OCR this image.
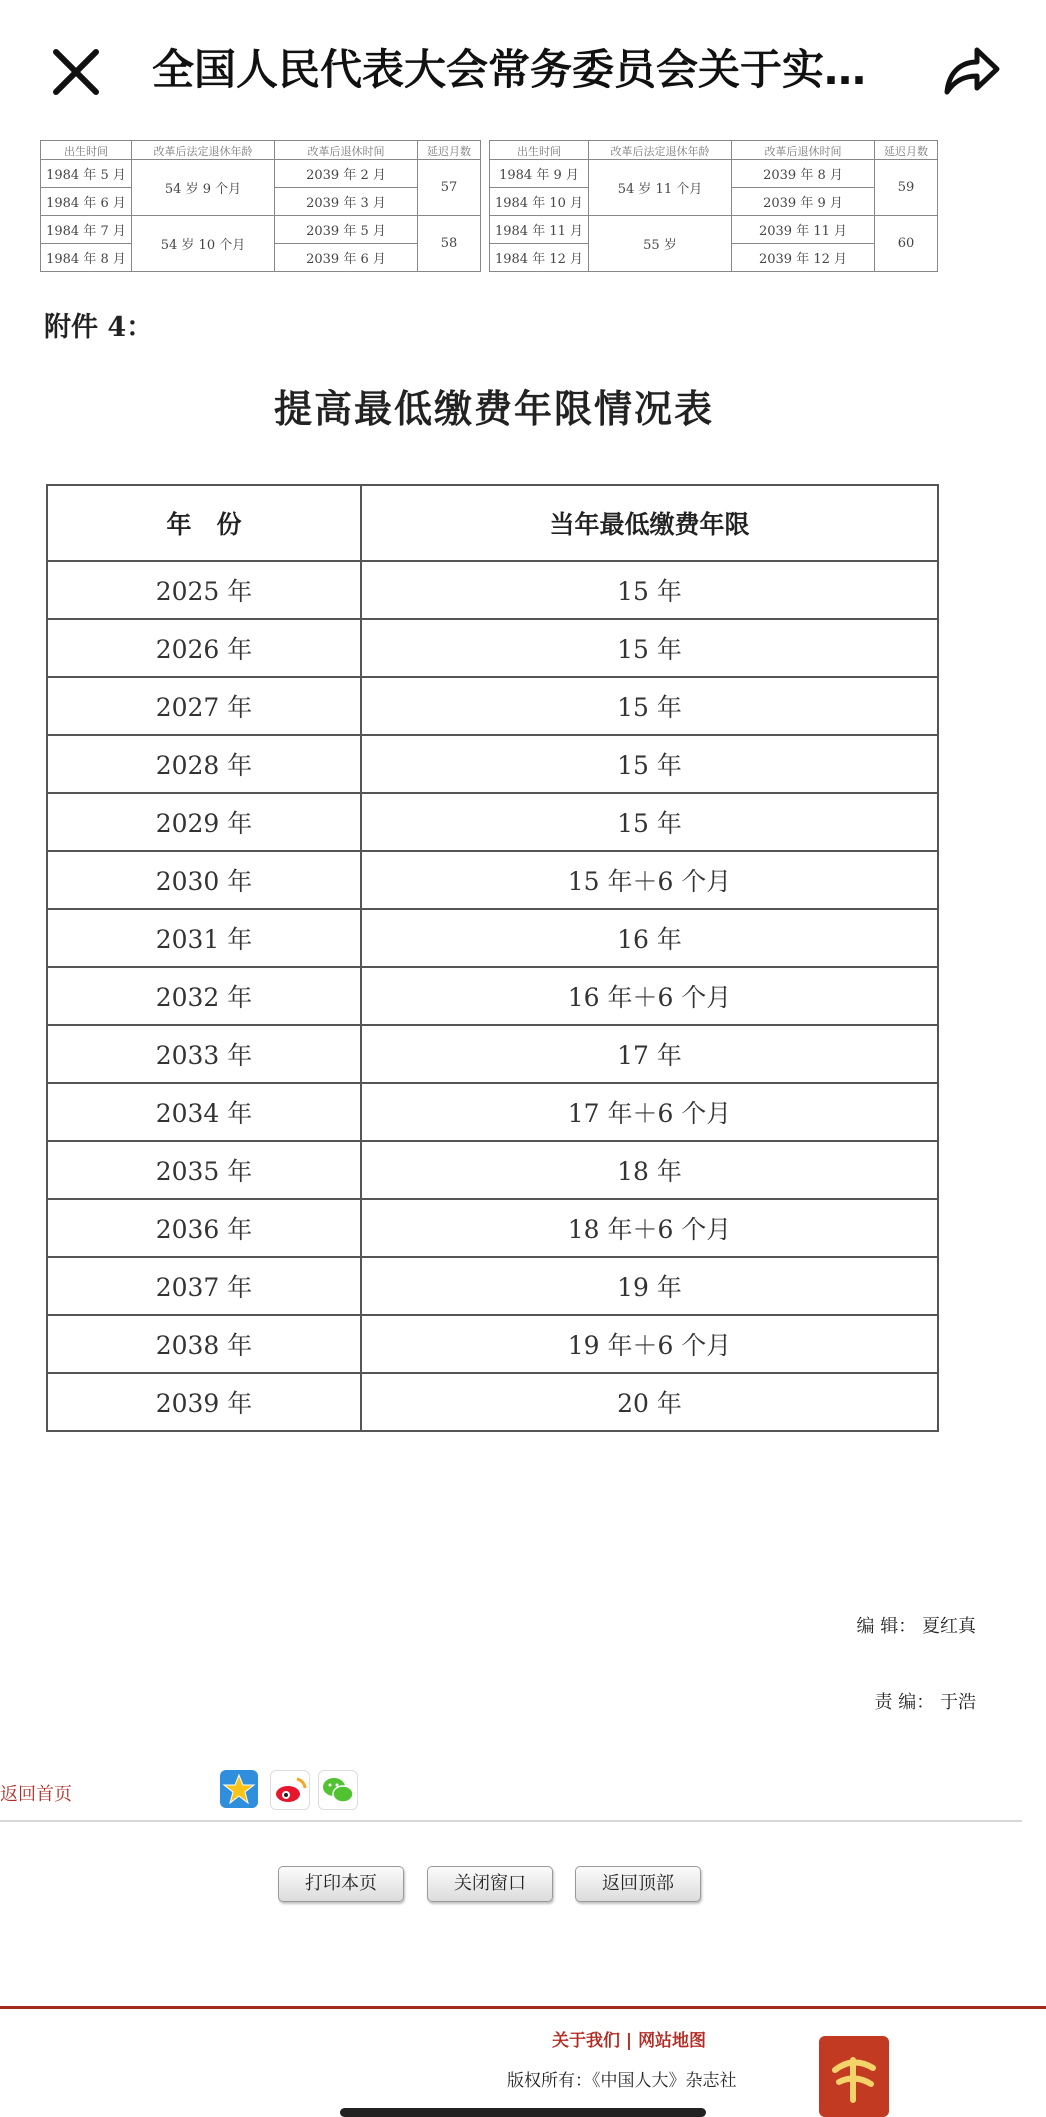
全国人民代表大会常务委员会关于实…
出生时间	改革后法定退休年龄	改革后退休时间	延迟月数		出生时间	改革后法定退休年龄	改革后退休时间	延迟月数
1984 年 5 月	54 岁 9 个月	2039 年 2 月	57		1984 年 9 月	54 岁 11 个月	2039 年 8 月	59
1984 年 6 月		2039 年 3 月			1984 年 10 月		2039 年 9 月	
1984 年 7 月	54 岁 10 个月	2039 年 5 月	58		1984 年 11 月	55 岁	2039 年 11 月	60
1984 年 8 月		2039 年 6 月			1984 年 12 月		2039 年 12 月	
附件 4：
提高最低缴费年限情况表
年　份	当年最低缴费年限
2025 年	15 年
2026 年	15 年
2027 年	15 年
2028 年	15 年
2029 年	15 年
2030 年	15 年＋6 个月
2031 年	16 年
2032 年	16 年＋6 个月
2033 年	17 年
2034 年	17 年＋6 个月
2035 年	18 年
2036 年	18 年＋6 个月
2037 年	19 年
2038 年	19 年＋6 个月
2039 年	20 年
编 辑： 夏红真
责 编： 于浩
返回首页
打印本页	关闭窗口	返回顶部
关于我们 | 网站地图
版权所有：《中国人大》杂志社
